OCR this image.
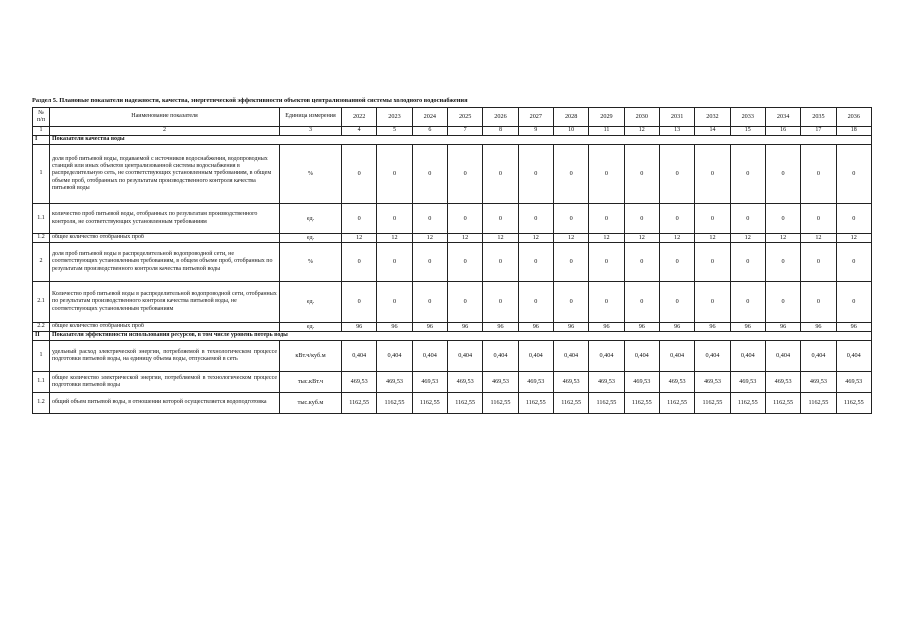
Раздел 5. Плановые показатели надежности, качества, энергетической эффективности объектов централизованной системы холодного водоснабжения
№ п/п	Наименование показателя	Единица измерения	2022	2023	2024	2025	2026	2027	2028	2029	2030	2031	2032	2033	2034	2035	2036
1	2	3	4	5	6	7	8	9	10	11	12	13	14	15	16	17	18
I	Показатели качества воды																
1	доля проб питьевой воды, подаваемой с источников водоснабжения, водопроводных станций или иных объектов централизованной системы водоснабжения в распределительную сеть, не соответствующих установленным требованиям, в общем объеме проб, отобранных по результатам производственного контроля качества питьевой воды	%	0	0	0	0	0	0	0	0	0	0	0	0	0	0	0
1.1	количество проб питьевой воды, отобранных по результатам производственного контроля, не соответствующих установленным требованиям	ед.	0	0	0	0	0	0	0	0	0	0	0	0	0	0	0
1.2	общее количество отобранных проб	ед.	12	12	12	12	12	12	12	12	12	12	12	12	12	12	12
2	доля проб питьевой воды в распределительной водопроводной сети, не соответствующих установленным требованиям, в общем объеме проб, отобранных по результатам производственного контроля качества питьевой воды	%	0	0	0	0	0	0	0	0	0	0	0	0	0	0	0
2.1	Количество проб питьевой воды в распределительной водопроводной сети, отобранных по результатам производственного контроля качества питьевой воды, не соответствующих установленным требованиям	ед.	0	0	0	0	0	0	0	0	0	0	0	0	0	0	0
2.2	общее количество отобранных проб	ед.	96	96	96	96	96	96	96	96	96	96	96	96	96	96	96
II	Показатели эффективности использования ресурсов, в том числе уровень потерь воды																
1	удельный расход электрической энергии, потребляемой в технологическом процессе подготовки питьевой воды, на единицу объема воды, отпускаемой в сеть	кВт.ч/куб.м	0,404	0,404	0,404	0,404	0,404	0,404	0,404	0,404	0,404	0,404	0,404	0,404	0,404	0,404	0,404
1.1	общее количество электрической энергии, потребляемой в технологическом процессе подготовки питьевой воды	тыс.кВт.ч	469,53	469,53	469,53	469,53	469,53	469,53	469,53	469,53	469,53	469,53	469,53	469,53	469,53	469,53	469,53
1.2	общий объем питьевой воды, в отношении которой осуществляется водоподготовка	тыс.куб.м	1162,55	1162,55	1162,55	1162,55	1162,55	1162,55	1162,55	1162,55	1162,55	1162,55	1162,55	1162,55	1162,55	1162,55	1162,55
